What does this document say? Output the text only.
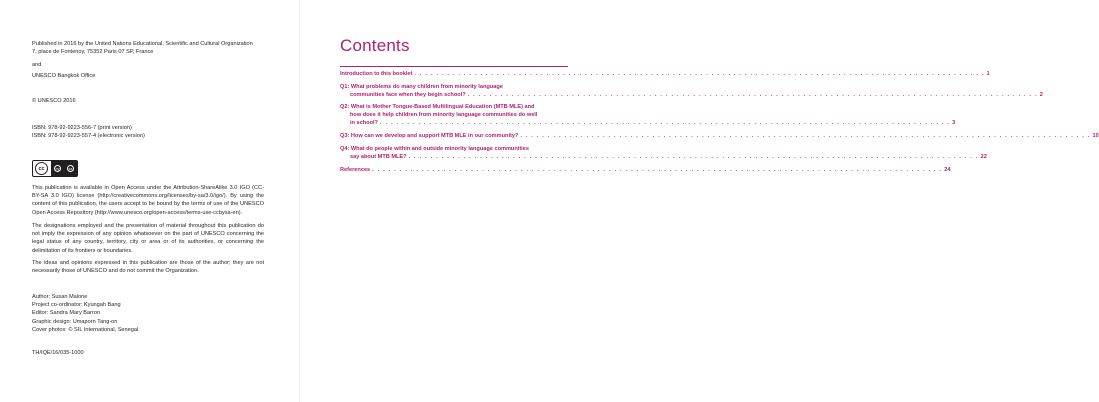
Published in 2016 by the United Nations Educational, Scientific and Cultural Organization
7, place de Fontenoy, 75352 Paris 07 SP, France

and

UNESCO Bangkok Office

© UNESCO 2016

ISBN: 978-92-9223-556-7 (print version)
ISBN: 978-92-9223-557-4 (electronic version)

cc	by	sa

This publication is available in Open Access under the Attribution-ShareAlike 3.0 IGO (CC-BY-SA 3.0 IGO) license (http://creativecommons.org/licenses/by-sa/3.0/igo/). By using the content of this publication, the users accept to be bound by the terms of use of the UNESCO Open Access Repository (http://www.unesco.org/open-access/terms-use-ccbysa-en).

The designations employed and the presentation of material throughout this publication do not imply the expression of any opinion whatsoever on the part of UNESCO concerning the legal status of any country, territory, city or area or of its authorities, or concerning the delimitation of its frontiers or boundaries.

The ideas and opinions expressed in this publication are those of the author; they are not necessarily those of UNESCO and do not commit the Organization.

Author: Susan Malone
Project co-ordinator: Kyungah Bang
Editor: Sandra Mary Barron
Graphic design: Umaporn Tang-on
Cover photos: © SIL International, Senegal

TH/IQE/16/035-1000

Contents
Introduction to this booklet . . .	1
Q1: What problems do many children from minority language
communities face when they begin school? . . .	2
Q2: What is Mother Tongue-Based Multilingual Education (MTB MLE) and
how does it help children from minority language communities do well
in school? . . .	3
Q3: How can we develop and support MTB MLE in our community? . . .	10
Q4: What do people within and outside minority language communities
say about MTB MLE? . . .	22
References . . .	24
